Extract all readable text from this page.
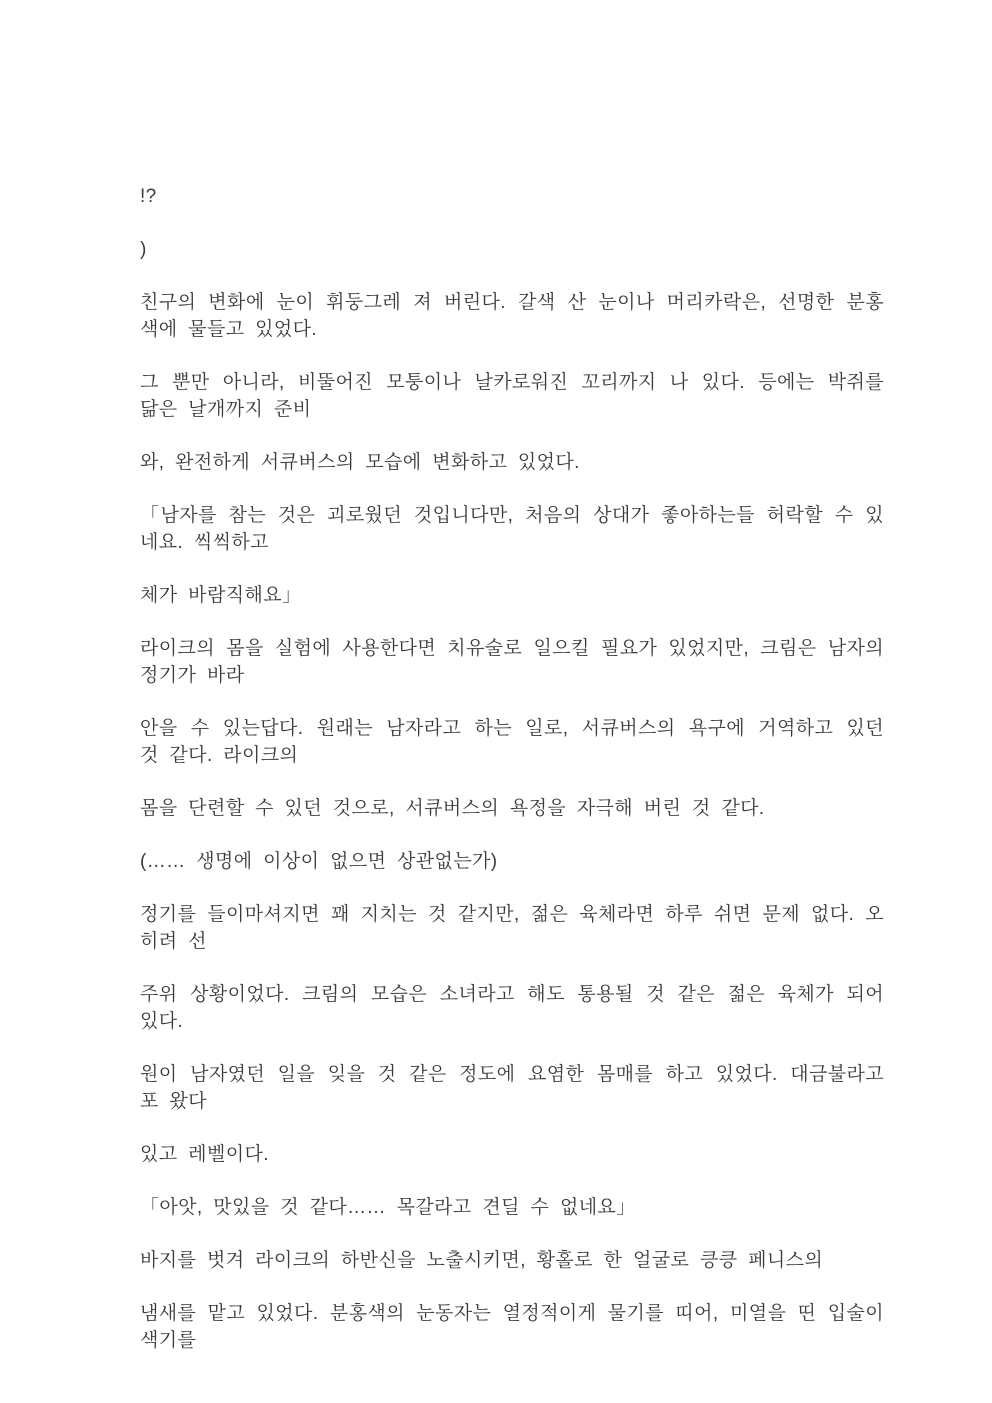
!?

)

친구의 변화에 눈이 휘둥그레 져 버린다. 갈색 산 눈이나 머리카락은, 선명한 분홍색에 물들고 있었다.

그 뿐만 아니라, 비뚤어진 모퉁이나 날카로워진 꼬리까지 나 있다. 등에는 박쥐를 닮은 날개까지 준비

와, 완전하게 서큐버스의 모습에 변화하고 있었다.

「남자를 참는 것은 괴로웠던 것입니다만, 처음의 상대가 좋아하는들 허락할 수 있네요. 씩씩하고

체가 바람직해요」

라이크의 몸을 실험에 사용한다면 치유술로 일으킬 필요가 있었지만, 크림은 남자의 정기가 바라

안을 수 있는답다. 원래는 남자라고 하는 일로, 서큐버스의 욕구에 거역하고 있던 것 같다. 라이크의

몸을 단련할 수 있던 것으로, 서큐버스의 욕정을 자극해 버린 것 같다.

(…… 생명에 이상이 없으면 상관없는가)

정기를 들이마셔지면 꽤 지치는 것 같지만, 젊은 육체라면 하루 쉬면 문제 없다. 오히려 선

주위 상황이었다. 크림의 모습은 소녀라고 해도 통용될 것 같은 젊은 육체가 되어 있다.

원이 남자였던 일을 잊을 것 같은 정도에 요염한 몸매를 하고 있었다. 대금불라고 포 왔다

있고 레벨이다.

「아앗, 맛있을 것 같다…… 목갈라고 견딜 수 없네요」

바지를 벗겨 라이크의 하반신을 노출시키면, 황홀로 한 얼굴로 킁킁 페니스의

냄새를 맡고 있었다. 분홍색의 눈동자는 열정적이게 물기를 띠어, 미열을 띤 입술이 색기를
